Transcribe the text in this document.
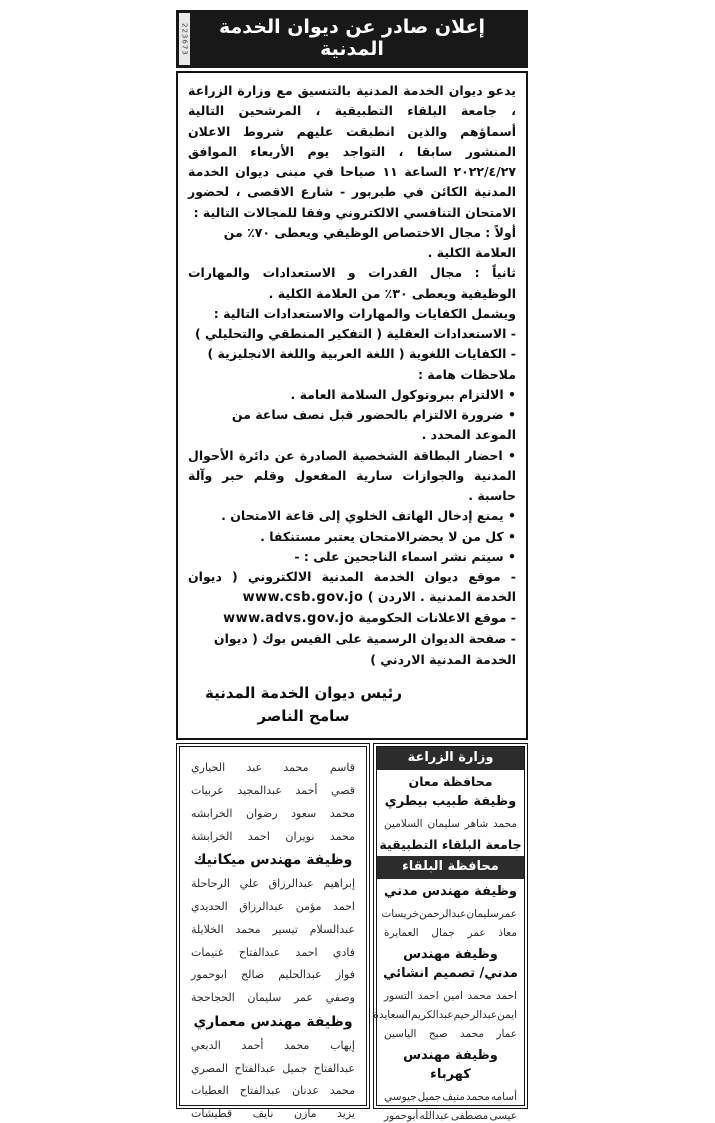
223673 إعلان صادر عن ديوان الخدمة المدنية

يدعو ديوان الخدمة المدنية بالتنسيق مع وزارة الزراعة ، جامعة البلقاء التطبيقية ، المرشحين التالية أسماؤهم والذين انطبقت عليهم شروط الاعلان المنشور سابقا ، التواجد يوم الأربعاء الموافق ٢٠٢٢/٤/٢٧ الساعة ١١ صباحا في مبنى ديوان الخدمة المدنية الكائن في طبربور - شارع الاقصى ، لحضور الامتحان التنافسي الالكتروني وفقا للمجالات التالية :

أولاً : مجال الاختصاص الوظيفي ويعطى ٧٠٪ من العلامة الكلية .

ثانياً : مجال القدرات و الاستعدادات والمهارات الوظيفية ويعطى ٣٠٪ من العلامة الكلية .

ويشمل الكفايات والمهارات والاستعدادات التالية :

- الاستعدادات العقلية ( التفكير المنطقي والتحليلي )

- الكفايات اللغوية ( اللغة العربية واللغة الانجليزية )

ملاحظات هامة :

• الالتزام ببروتوكول السلامة العامة .

• ضرورة الالتزام بالحضور قبل نصف ساعة من الموعد المحدد .

• احضار البطاقة الشخصية الصادرة عن دائرة الأحوال المدنية والجوازات سارية المفعول وقلم حبر وآلة حاسبة .

• يمنع إدخال الهاتف الخلوي إلى قاعة الامتحان .

• كل من لا يحضرالامتحان يعتبر مستنكفا .

• سيتم نشر اسماء الناجحين على : -

- موقع ديوان الخدمة المدنية الالكتروني ( ديوان الخدمة المدنية . الاردن ) www.csb.gov.jo

- موقع الاعلانات الحكومية www.advs.gov.jo

- صفحة الديوان الرسمية على الفيس بوك ( ديوان الخدمة المدنية الاردني )

رئيس ديوان الخدمة المدنية
سامح الناصر
وزارة الزراعة
محافظة معان
وظيفة طبيب بيطري
محمد
شاهر
سليمان
السلامين
جامعة البلقاء التطبيقية
محافظة البلقاء
وظيفة مهندس مدني
عمر
سليمان
عبدالرحمن
خريسات
معاذ
عمر
جمال
العمايرة
وظيفة مهندس مدني/ تصميم انشائي
احمد
محمد
امين
احمد
التسور
ايمن
عبدالرحيم
عبدالكريم
السعايدة
عمار
محمد
صبح
الياسين
وظيفة مهندس كهرباء
أسامه
محمد
منيف
جميل
جيوسي
عيسى
مصطفى
عبدالله
أبوحمور
قاسم
محمد
عبد
الحياري
قصي
أحمد
عبدالمجيد
عربيات
محمد
سعود
رضوان
الخرابشه
محمد
نويران
احمد
الخرابشة
وظيفة مهندس ميكانيك
إبراهيم
عبدالرزاق
علي
الرحاحلة
احمد
مؤمن
عبدالرزاق
الحديدي
عبدالسلام
تيسير
محمد
الخلايلة
فادي
احمد
عبدالفتاح
غنيمات
فواز
عبدالحليم
صالح
ابوحمور
وصفي
عمر
سليمان
الحجاحجة
وظيفة مهندس معماري
إيهاب
محمد
أحمد
الدبعي
عبدالفتاح
جميل
عبدالفتاح
المصري
محمد
عدنان
عبدالفتاح
العطيات
يزيد
مازن
نايف
قطيشات
